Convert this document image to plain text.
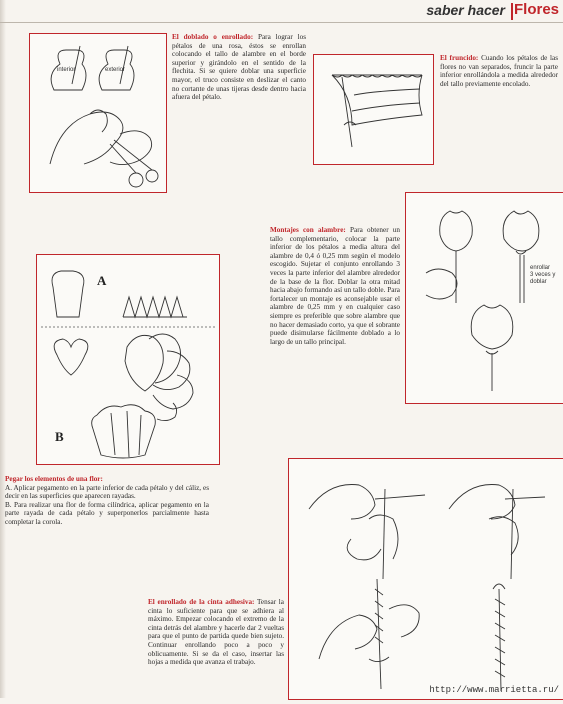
saber hacer Flores
interior	exterior
El doblado o enrollado: Para lograr los pétalos de una rosa, éstos se enrollan colocando el tallo de alambre en el borde superior y girándolo en el sentido de la flechita. Si se quiere doblar una superficie mayor, el truco consiste en deslizar el canto no cortante de unas tijeras desde dentro hacia afuera del pétalo.
El fruncido: Cuando los pétalos de las flores no van separados, fruncir la parte inferior enrollándola a medida alrededor del tallo previamente encolado.
enrollar 3 veces y doblar
Montajes con alambre: Para obtener un tallo complementario, colocar la parte inferior de los pétalos a media altura del alambre de 0,4 ó 0,25 mm según el modelo escogido. Sujetar el conjunto enrollando 3 veces la parte inferior del alambre alrededor de la base de la flor. Doblar la otra mitad hacia abajo formando así un tallo doble. Para fortalecer un montaje es aconsejable usar el alambre de 0,25 mm y en cualquier caso siempre es preferible que sobre alambre que no hacer demasiado corto, ya que el sobrante puede disimularse fácilmente doblado a lo largo de un tallo principal.
A
B
Pegar los elementos de una flor:
A. Aplicar pegamento en la parte inferior de cada pétalo y del cáliz, es decir en las superficies que aparecen rayadas.
B. Para realizar una flor de forma cilíndrica, aplicar pegamento en la parte rayada de cada pétalo y superponerlos parcialmente hasta completar la corola.
El enrollado de la cinta adhesiva: Tensar la cinta lo suficiente para que se adhiera al máximo. Empezar colocando el extremo de la cinta detrás del alambre y hacerle dar 2 vueltas para que el punto de partida quede bien sujeto. Continuar enrollando poco a poco y oblicuamente. Si se da el caso, insertar las hojas a medida que avanza el trabajo.
http://www.marrietta.ru/
